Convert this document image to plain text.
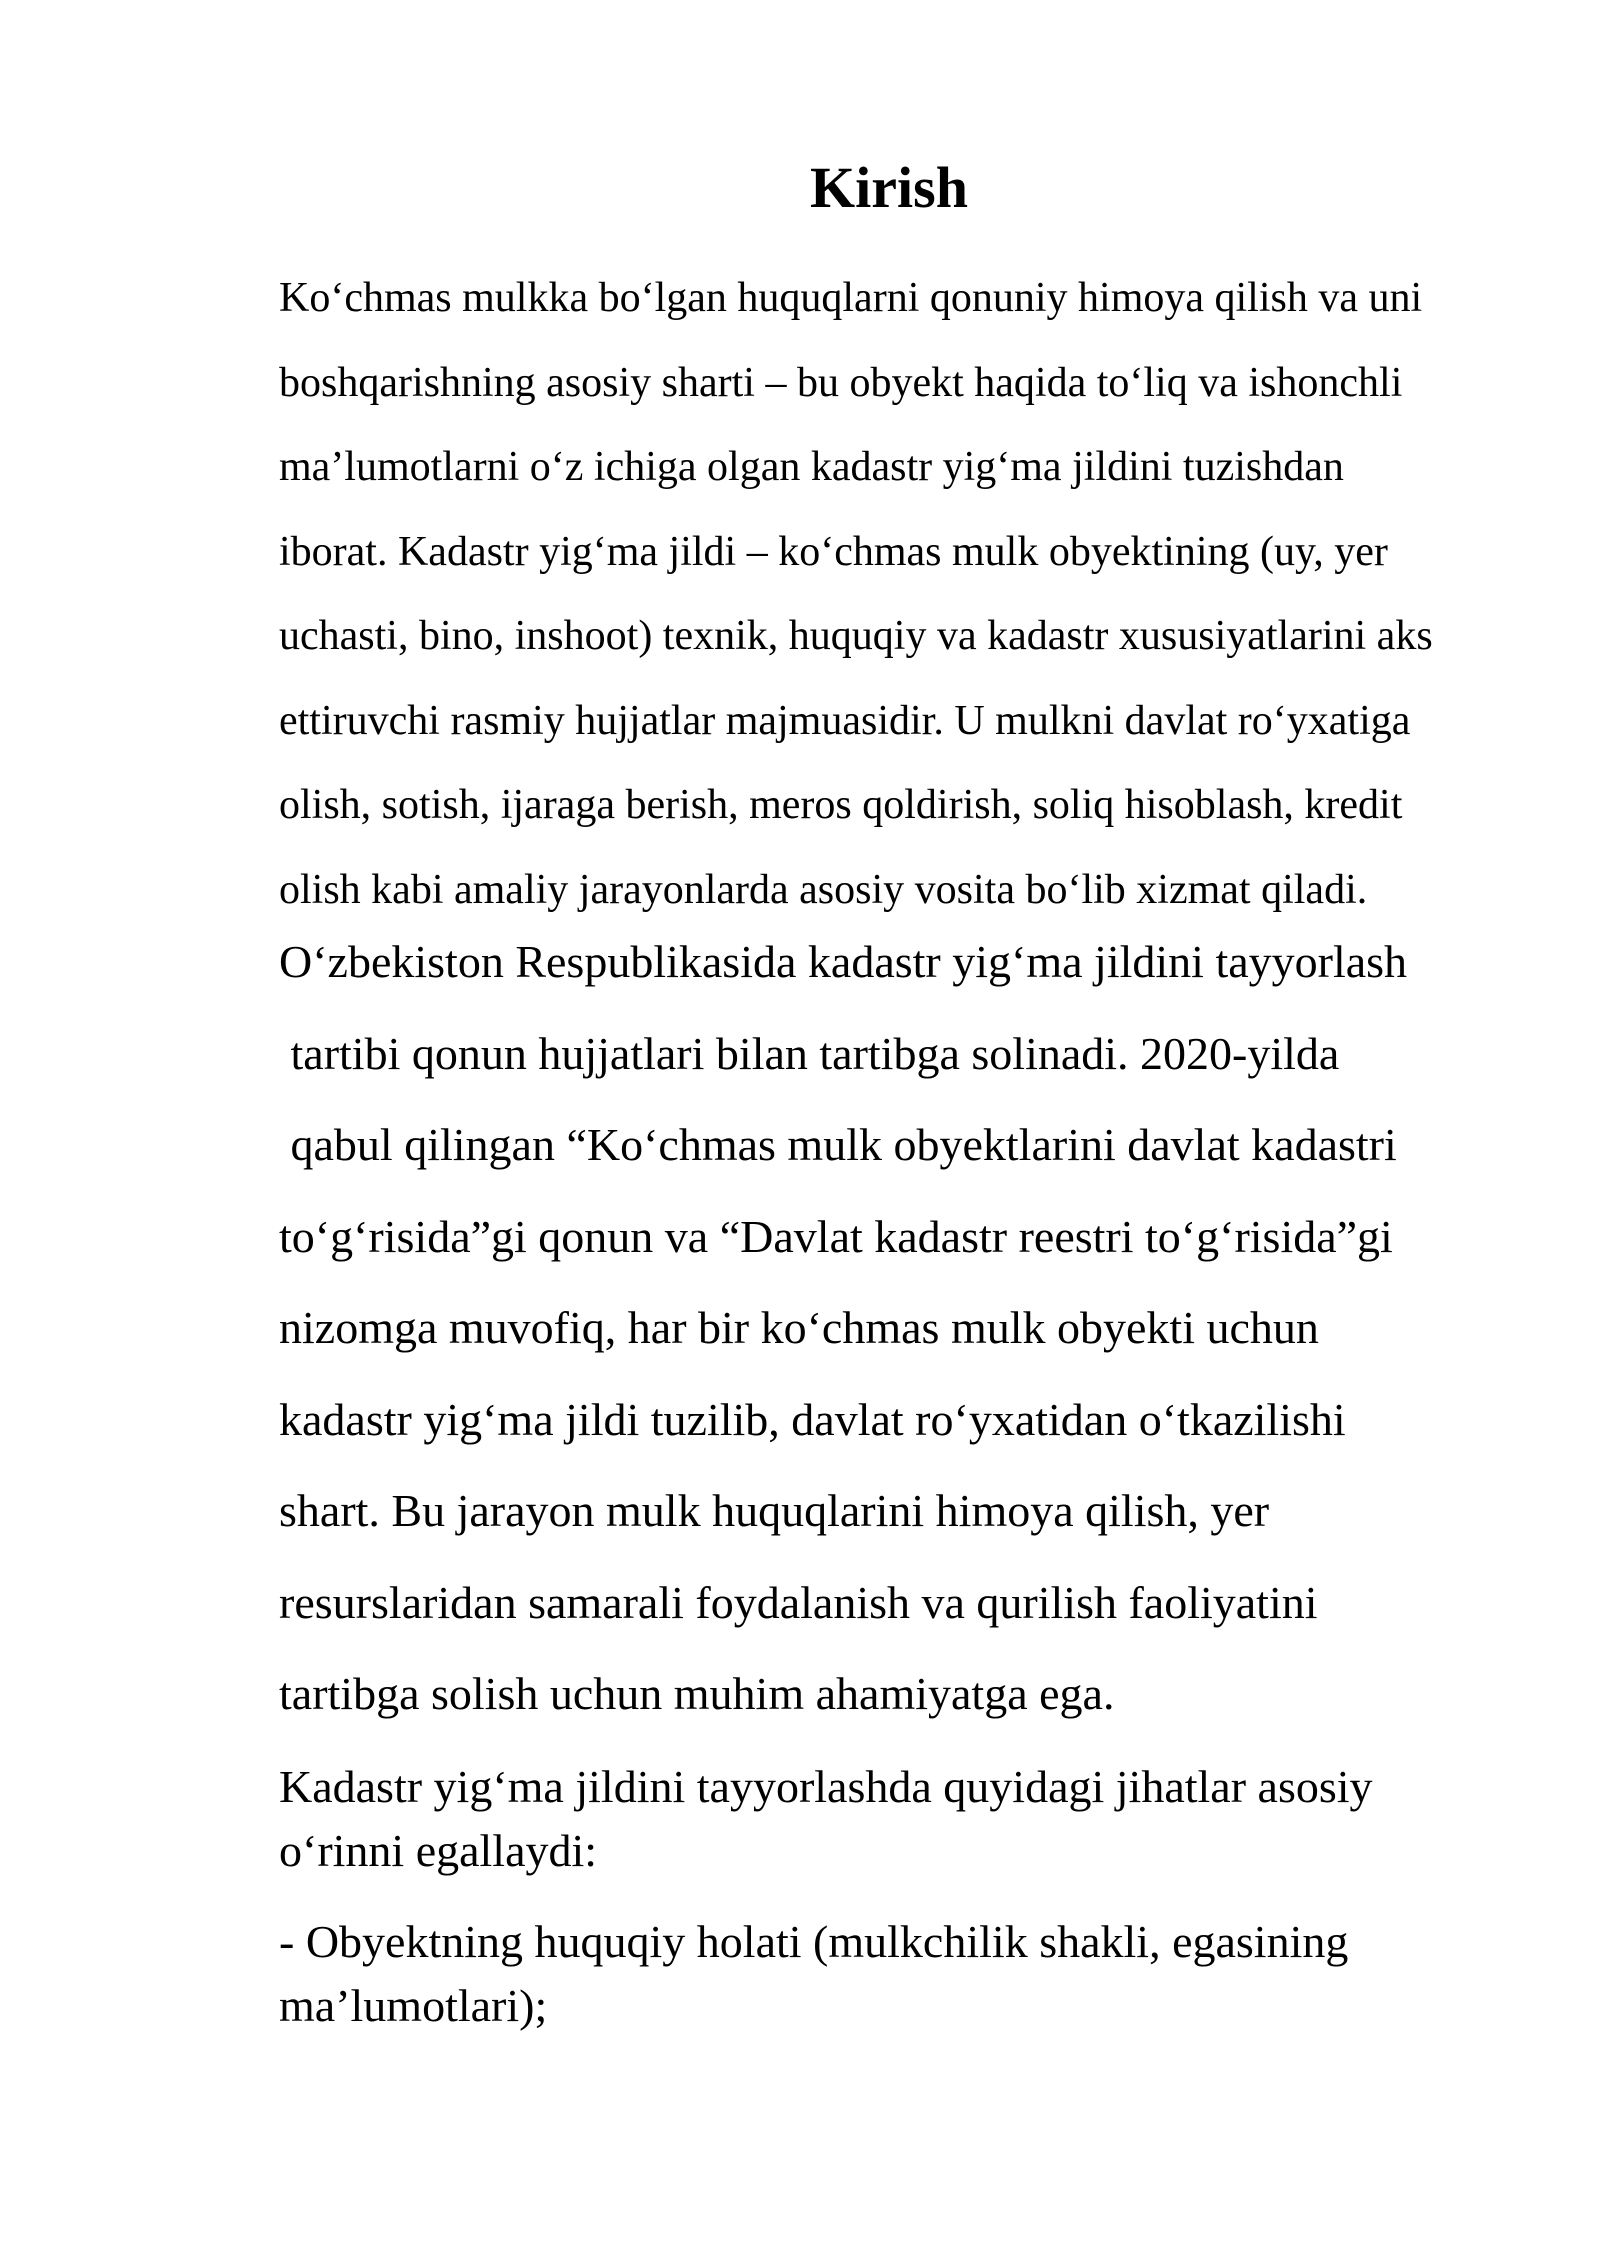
Kirish

Ko‘chmas mulkka bo‘lgan huquqlarni qonuniy himoya qilish va uni
boshqarishning asosiy sharti – bu obyekt haqida to‘liq va ishonchli
ma’lumotlarni o‘z ichiga olgan kadastr yig‘ma jildini tuzishdan
iborat. Kadastr yig‘ma jildi – ko‘chmas mulk obyektining (uy, yer
uchasti, bino, inshoot) texnik, huquqiy va kadastr xususiyatlarini aks
ettiruvchi rasmiy hujjatlar majmuasidir. U mulkni davlat ro‘yxatiga
olish, sotish, ijaraga berish, meros qoldirish, soliq hisoblash, kredit
olish kabi amaliy jarayonlarda asosiy vosita bo‘lib xizmat qiladi.

O‘zbekiston Respublikasida kadastr yig‘ma jildini tayyorlash
tartibi qonun hujjatlari bilan tartibga solinadi. 2020-yilda
qabul qilingan “Ko‘chmas mulk obyektlarini davlat kadastri
to‘g‘risida”gi qonun va “Davlat kadastr reestri to‘g‘risida”gi
nizomga muvofiq, har bir ko‘chmas mulk obyekti uchun
kadastr yig‘ma jildi tuzilib, davlat ro‘yxatidan o‘tkazilishi
shart. Bu jarayon mulk huquqlarini himoya qilish, yer
resurslaridan samarali foydalanish va qurilish faoliyatini
tartibga solish uchun muhim ahamiyatga ega.

Kadastr yig‘ma jildini tayyorlashda quyidagi jihatlar asosiy
o‘rinni egallaydi:

- Obyektning huquqiy holati (mulkchilik shakli, egasining
ma’lumotlari);
